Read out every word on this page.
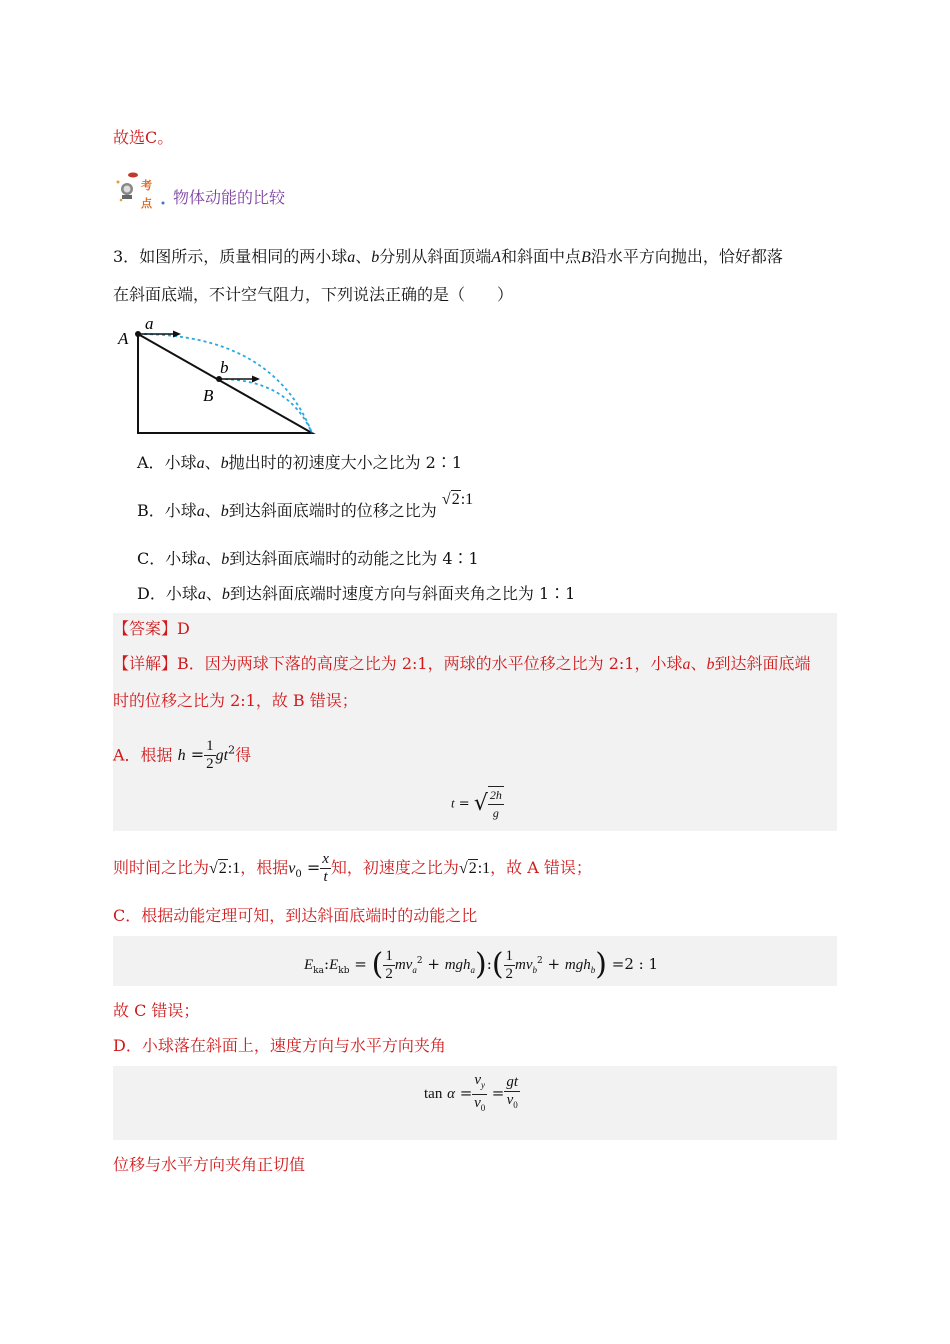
故选C。
考
点 物体动能的比较
3．如图所示，质量相同的两小球a、b分别从斜面顶端A和斜面中点B沿水平方向抛出，恰好都落
在斜面底端，不计空气阻力，下列说法正确的是（　　）
a
A
b
B
A．小球a、b抛出时的初速度大小之比为 2∶1
B．小球a、b到达斜面底端时的位移之比为 √2:1
C．小球a、b到达斜面底端时的动能之比为 4∶1
D．小球a、b到达斜面底端时速度方向与斜面夹角之比为 1∶1
【答案】D
【详解】B．因为两球下落的高度之比为 2:1，两球的水平位移之比为 2:1，小球a、b到达斜面底端
时的位移之比为 2:1，故 B 错误；
A．根据 $h = \frac{1}{2} gt^2$得
t = √ $\frac{2h}{g}$
则时间之比为√2:1，根据$v_0 = \frac{x}{t}$ 知，初速度之比为√2:1，故 A 错误；
C．根据动能定理可知，到达斜面底端时的动能之比
$E_{ka}:E_{kb}$ = ( $\frac{1}{2} mv_a^2$ + mgh$_a$):( $\frac{1}{2} mv_b^2 + mgh_b) =2$ : 1
故 C 错误；
D．小球落在斜面上，速度方向与水平方向夹角
$\tan \alpha = \frac{v_y}{v_0} = \frac{gt}{v_0}$
位移与水平方向夹角正切值
